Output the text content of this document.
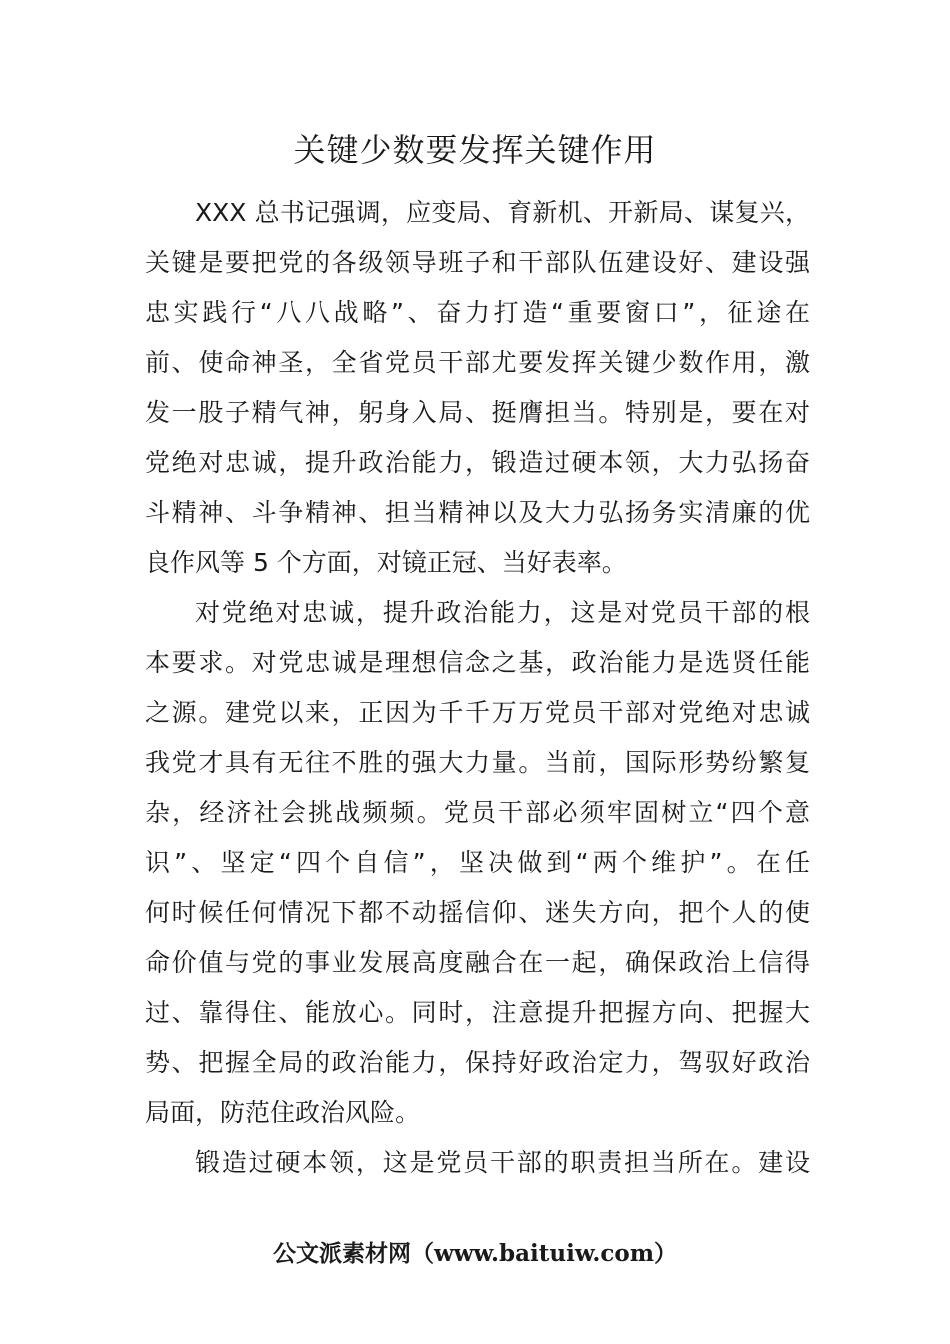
关键少数要发挥关键作用
XXX 总书记强调，应变局、育新机、开新局、谋复兴，
关键是要把党的各级领导班子和干部队伍建设好、建设强
忠实践行“八八战略”、奋力打造“重要窗口”，征途在
前、使命神圣，全省党员干部尤要发挥关键少数作用，激
发一股子精气神，躬身入局、挺膺担当。特别是，要在对
党绝对忠诚，提升政治能力，锻造过硬本领，大力弘扬奋
斗精神、斗争精神、担当精神以及大力弘扬务实清廉的优
良作风等 5 个方面，对镜正冠、当好表率。
对党绝对忠诚，提升政治能力，这是对党员干部的根
本要求。对党忠诚是理想信念之基，政治能力是选贤任能
之源。建党以来，正因为千千万万党员干部对党绝对忠诚
我党才具有无往不胜的强大力量。当前，国际形势纷繁复
杂，经济社会挑战频频。党员干部必须牢固树立“四个意
识”、坚定“四个自信”，坚决做到“两个维护”。在任
何时候任何情况下都不动摇信仰、迷失方向，把个人的使
命价值与党的事业发展高度融合在一起，确保政治上信得
过、靠得住、能放心。同时，注意提升把握方向、把握大
势、把握全局的政治能力，保持好政治定力，驾驭好政治
局面，防范住政治风险。
锻造过硬本领，这是党员干部的职责担当所在。建设
公文派素材网（www.baituiw.com）
